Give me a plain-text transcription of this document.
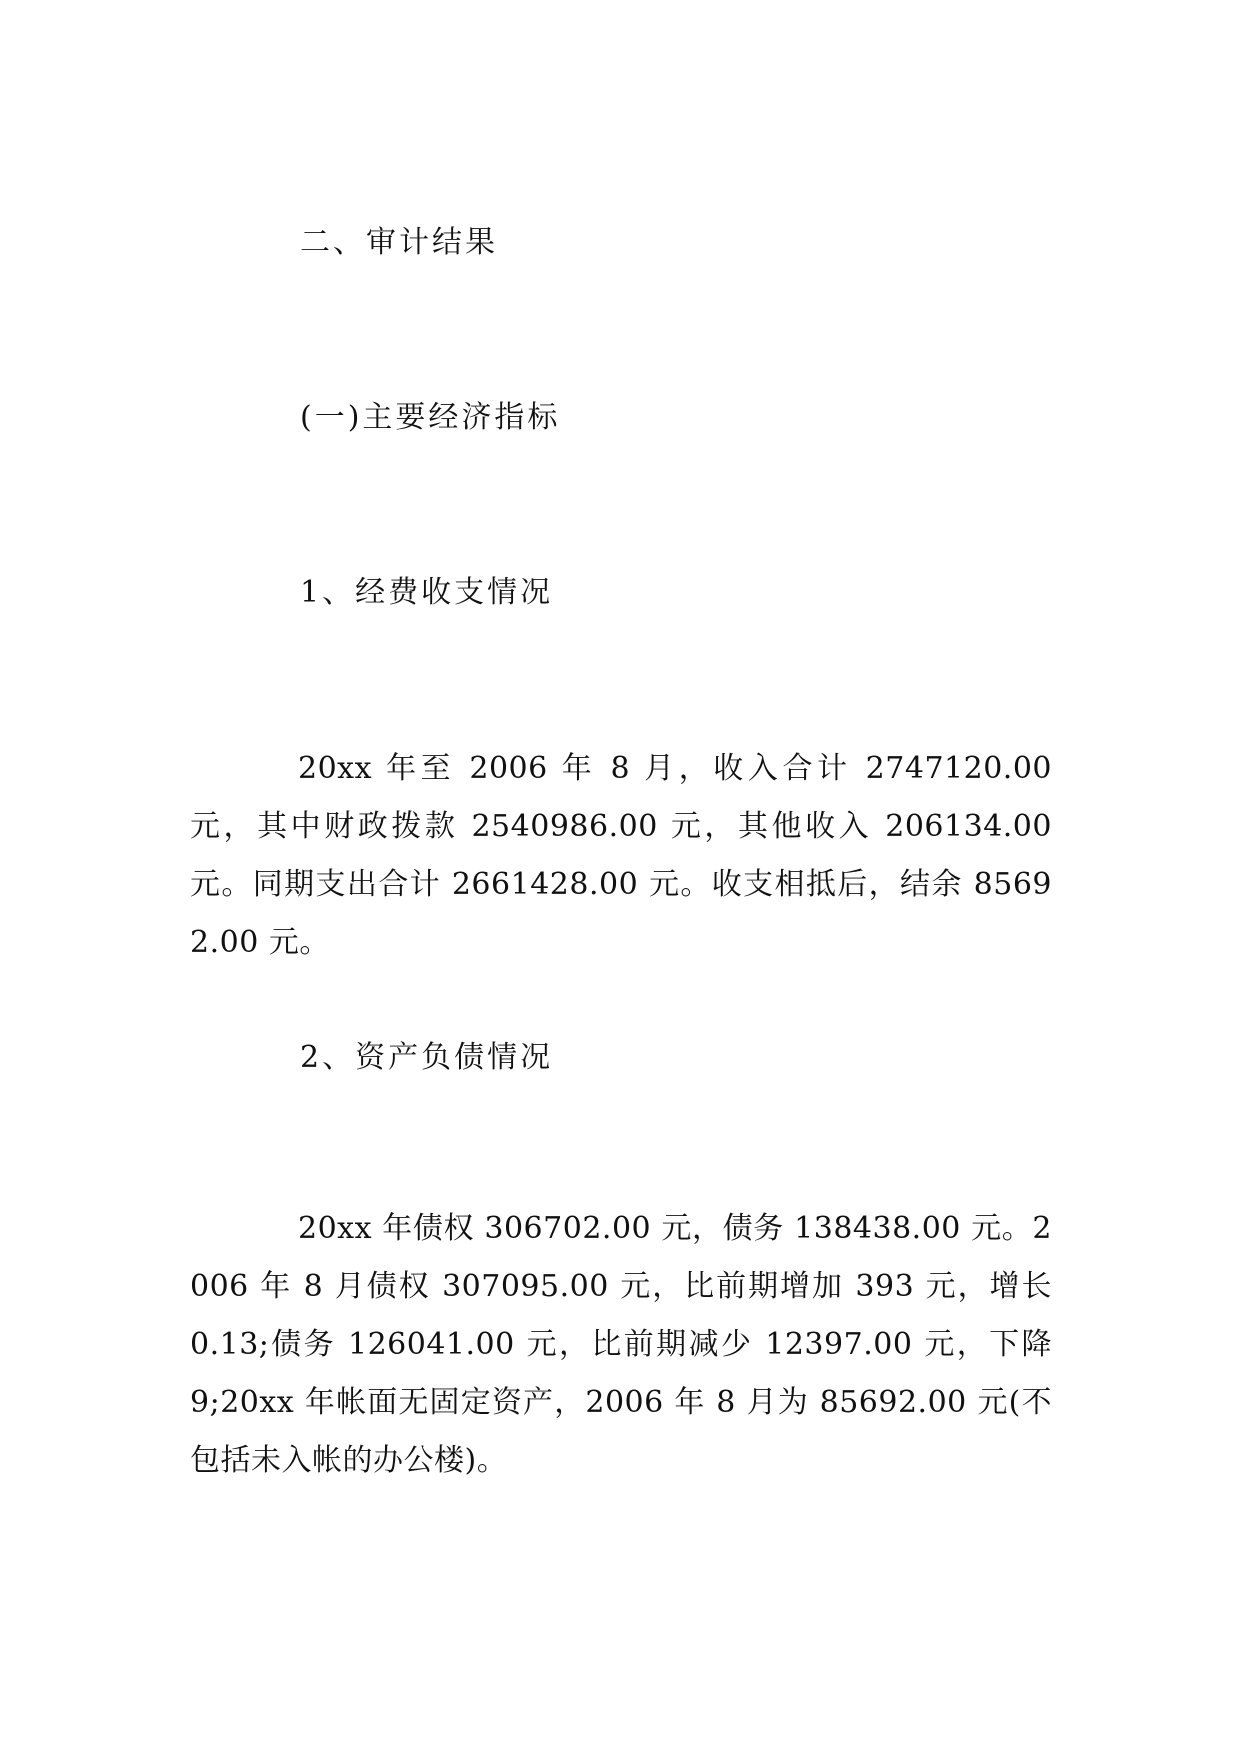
二、审计结果
(一)主要经济指标
1、经费收支情况
20xx 年至 2006 年 8 月，收入合计 2747120.00 元，其中财政拨款 2540986.00 元，其他收入 206134.00 元。同期支出合计 2661428.00 元。收支相抵后，结余 85692.00 元。
2、资产负债情况
20xx 年债权 306702.00 元，债务 138438.00 元。2006 年 8 月债权 307095.00 元，比前期增加 393 元，增长 0.13;债务 126041.00 元，比前期减少 12397.00 元，下降 9;20xx 年帐面无固定资产，2006 年 8 月为 85692.00 元(不包括未入帐的办公楼)。
